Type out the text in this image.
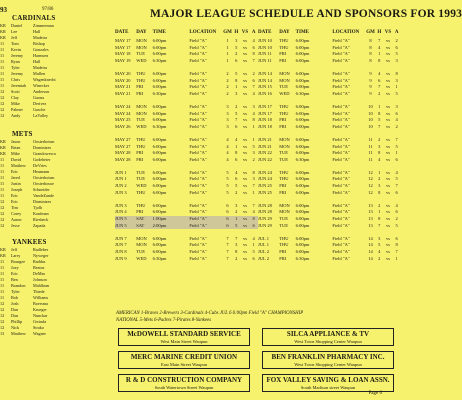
93	97/86	MAJOR LEAGUE SCHEDULE AND SPONSORS FOR 1993
CARDINALS
KR	Daniel	Zimmerman
KR	Lee	Hall
KR	Jeff	Madeira
11	Tom	Bishop
11	Kevin	Gonzales
11	Jeremy	Harmsen
11	Ryan	Hall
11	Tyler	Madeira
11	Jeremy	Mullen
11	Chris	Wagenknecht
11	Jeremiah	Winecker
12	Scott	Anderson
12	Clay	Gaona
12	Mike	Derivez
12	Palmer	Gasche
12	Andy	LaValley
METS
KR	Jason	Oosterhoism
KR	Brian	Dominizes
KR	Mike	Grandowesca
11	David	Godeheier
11	Matthew	DeVries
11	Eric	Heumann
11	Jared	Oosterhoism
11	Justin	Oosterhouse
11	Joseph	Schneider
11	Eric	VandeZande
12	Eric	Dominizes
12	Tim	Tjolh
12	Corey	Kaufman
12	Aaron	Riesbeck
12	Jesse	Zapada
YANKEES
KR	Jeff	Radleber
KR	Larry	Nyweger
11	Bourgee	Raddas
11	Joey	Beatus
11	Eric	DeMas
11	Ben	Johnson
11	Brandon	Mahlhom
11	Tyler	Thiede
11	Bob	Williams
12	Josh	Boersma
12	Dan	Krueger
12	Dan	Nunckar
12	Phillip	Gwinda
12	Nick	Strako
13	Matthew	Wagner
DATE	DAY	TIME	LOCATION	GM H VS A DATE	DAY	TIME	LOCATION	GM H VS A
MAY 17	MON	6:00pm	Field "A"	1	3	vs	4
MAY 17	MON	6:00pm	Field "A"	1	5	vs	6
MAY 18	TUE	6:00pm	Field "A"	1	2	vs	8
MAY 19	WED	6:30pm	Field "A"	1	6	vs	7
MAY 20	THU	6:00pm	Field "A"	2	5	vs	2
MAY 20	THU	6:00pm	Field "A"	2	8	vs	6
MAY 21	FRI	6:00pm	Field "A"	2	1	vs	7
MAY 21	FRI	6:30pm	Field "A"	2	3	vs	4
MAY 24	MON	6:00pm	Field "A"	3	2	vs	3
MAY 24	MON	6:00pm	Field "A"	3	5	vs	4
MAY 25	TUE	6:00pm	Field "A"	3	7	vs	8
MAY 26	WED	6:30pm	Field "A"	3	6	vs	1
MAY 27	THU	6:00pm	Field "A"	4	4	vs	1
MAY 27	THU	6:00pm	Field "A"	4	1	vs	5
MAY 28	FRI	6:00pm	Field "A"	4	8	vs	3
MAY 28	FRI	6:00pm	Field "A"	4	6	vs	2
JUN 1	TUE	6:00pm	Field "A"	5	4	vs	8
JUN 1	TUE	6:00pm	Field "A"	5	6	vs	3
JUN 2	WED	6:00pm	Field "A"	5	5	vs	7
JUN 3	THU	6:00pm	Field "A"	5	2	vs	1
JUN 3	THU	6:00pm	Field "A"	6	3	vs	7
JUN 4	FRI	6:00pm	Field "A"	6	2	vs	4
JUN 5	SAT	1:00pm	Field "A"	6	1	vs	8
JUN 5	SAT	2:00pm	Field "A"	6	5	vs	6
JUN 7	MON	6:00pm	Field "A"	7	7	vs	4
JUN 7	MON	6:00pm	Field "A"	7	3	vs	1
JUN 8	TUE	6:00pm	Field "A"	7	8	vs	5
JUN 9	WED	6:30pm	Field "A"	7	2	vs	6
JUN 10	THU	6:00pm	Field "A"	8	7	vs	2
JUN 10	THU	6:00pm	Field "A"	8	4	vs	6
JUN 11	FRI	6:00pm	Field "A"	8	1	vs	5
JUN 11	FRI	6:00pm	Field "A"	8	8	vs	3
JUN 14	MON	6:00pm	Field "A"	9	4	vs	8
JUN 14	MON	6:00pm	Field "A"	9	6	vs	3
JUN 15	TUE	6:00pm	Field "A"	9	7	vs	1
JUN 16	WED	6:30pm	Field "A"	9	2	vs	5
JUN 17	THU	6:00pm	Field "A"	10	1	vs	3
JUN 17	THU	6:00pm	Field "A"	10	8	vs	6
JUN 18	FRI	6:00pm	Field "A"	10	5	vs	4
JUN 18	FRI	6:00pm	Field "A"	10	7	vs	2
JUN 21	MON	6:00pm	Field "A"	11	2	vs	7
JUN 21	MON	6:00pm	Field "A"	11	3	vs	5
JUN 22	TUE	6:00pm	Field "A"	11	8	vs	1
JUN 22	TUE	6:30pm	Field "A"	11	4	vs	6
JUN 24	THU	6:00pm	Field "A"	12	1	vs	4
JUN 24	THU	6:00pm	Field "A"	12	2	vs	5
JUN 25	FRI	6:00pm	Field "A"	12	3	vs	7
JUN 25	FRI	6:00pm	Field "A"	12	8	vs	6
JUN 28	MON	6:00pm	Field "A"	13	2	vs	4
JUN 28	MON	6:00pm	Field "A"	13	1	vs	6
JUN 29	TUE	6:00pm	Field "A"	13	8	vs	2
JUN 29	TUE	6:00pm	Field "A"	13	7	vs	5
JUL 1	THU	6:00pm	Field "A"	14	3	vs	6
JUL 1	THU	6:00pm	Field "A"	14	5	vs	8
JUL 2	FRI	6:00pm	Field "A"	14	4	vs	7
JUL 2	FRI	6:30pm	Field "A"	14	2	vs	1
AMERICAN 1-Braves 2-Brewers 3-Cardinals 4-Cubs JUL 6 6:00pm Field "A" CHAMPIONSHIP
NATIONAL 5-Mets 6-Padres 7-Pirates 8-Yankees
McDOWELL STANDARD SERVICE
West Main Street Waupun
SILCA APPLIANCE & TV
West Town Shopping Center Waupun
MERC MARINE CREDIT UNION
East Main Street Waupun
BEN FRANKLIN PHARMACY INC.
West Town Shopping Center Waupun
R & D CONSTRUCTION COMPANY
South Watertown Street Waupun
FOX VALLEY SAVING & LOAN ASSN.
South Madison street Waupun
Page 6
